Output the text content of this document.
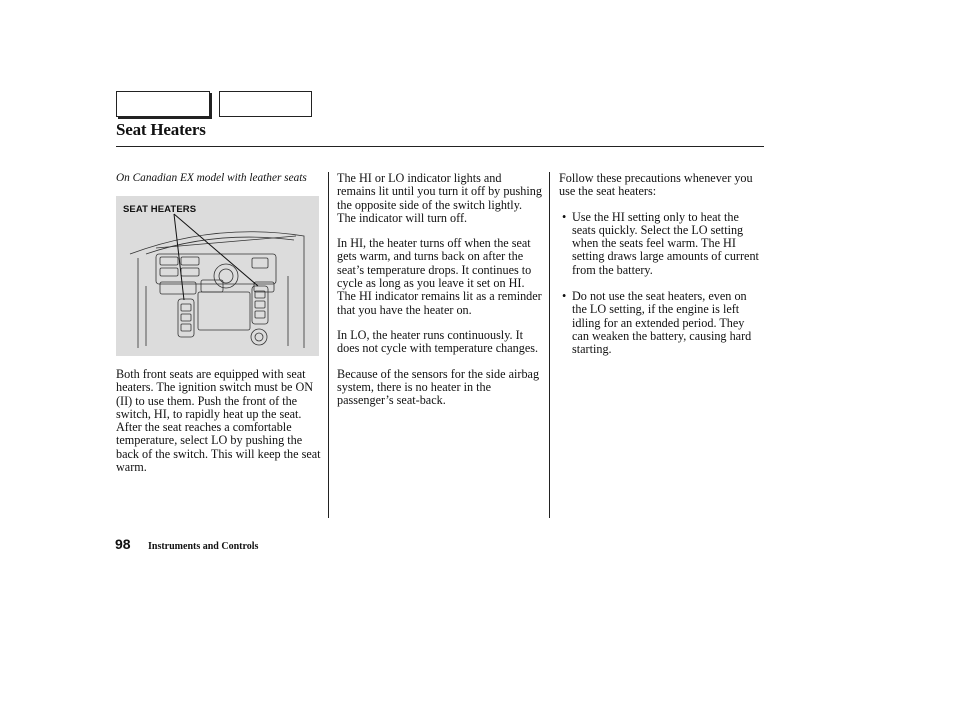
Seat Heaters

On Canadian EX model with leather seats

SEAT HEATERS

Both front seats are equipped with seat heaters. The ignition switch must be ON (II) to use them. Push the front of the switch, HI, to rapidly heat up the seat. After the seat reaches a comfortable temperature, select LO by pushing the back of the switch. This will keep the seat warm.

The HI or LO indicator lights and remains lit until you turn it off by pushing the opposite side of the switch lightly. The indicator will turn off.

In HI, the heater turns off when the seat gets warm, and turns back on after the seat’s temperature drops. It continues to cycle as long as you leave it set on HI. The HI indicator remains lit as a reminder that you have the heater on.

In LO, the heater runs continuously. It does not cycle with temperature changes.

Because of the sensors for the side airbag system, there is no heater in the passenger’s seat-back.

Follow these precautions whenever you use the seat heaters:

• Use the HI setting only to heat the seats quickly. Select the LO setting when the seats feel warm. The HI setting draws large amounts of current from the battery.
• Do not use the seat heaters, even on the LO setting, if the engine is left idling for an extended period. They can weaken the battery, causing hard starting.
98 Instruments and Controls
